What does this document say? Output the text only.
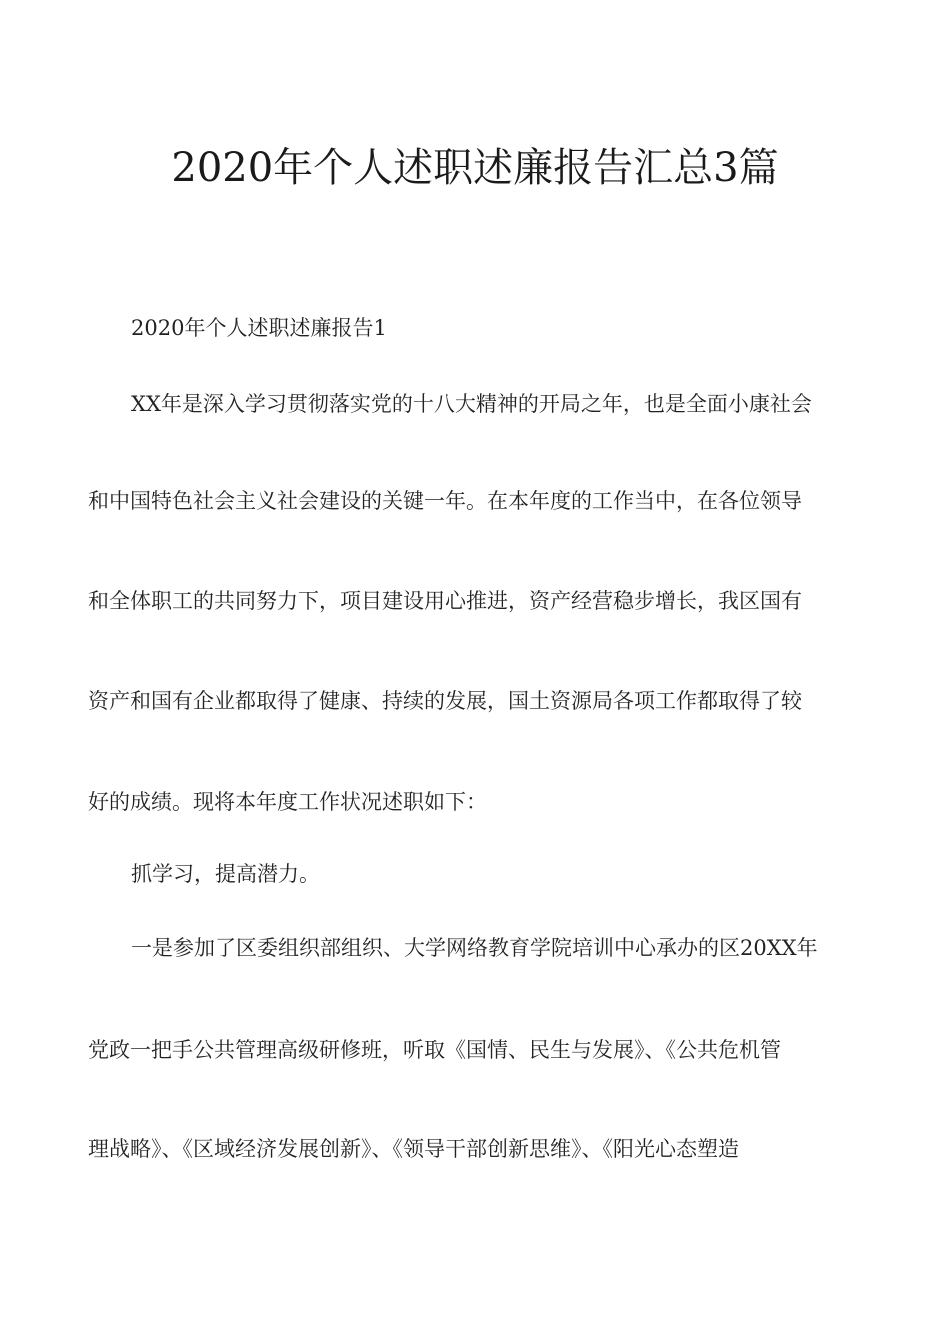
2020年个人述职述廉报告汇总3篇
2020年个人述职述廉报告1
XX年是深入学习贯彻落实党的十八大精神的开局之年，也是全面小康社会
和中国特色社会主义社会建设的关键一年。在本年度的工作当中，在各位领导
和全体职工的共同努力下，项目建设用心推进，资产经营稳步增长，我区国有
资产和国有企业都取得了健康、持续的发展，国土资源局各项工作都取得了较
好的成绩。现将本年度工作状况述职如下：
抓学习，提高潜力。
一是参加了区委组织部组织、大学网络教育学院培训中心承办的区20XX年
党政一把手公共管理高级研修班，听取《国情、民生与发展》、《公共危机管
理战略》、《区域经济发展创新》、《领导干部创新思维》、《阳光心态塑造
